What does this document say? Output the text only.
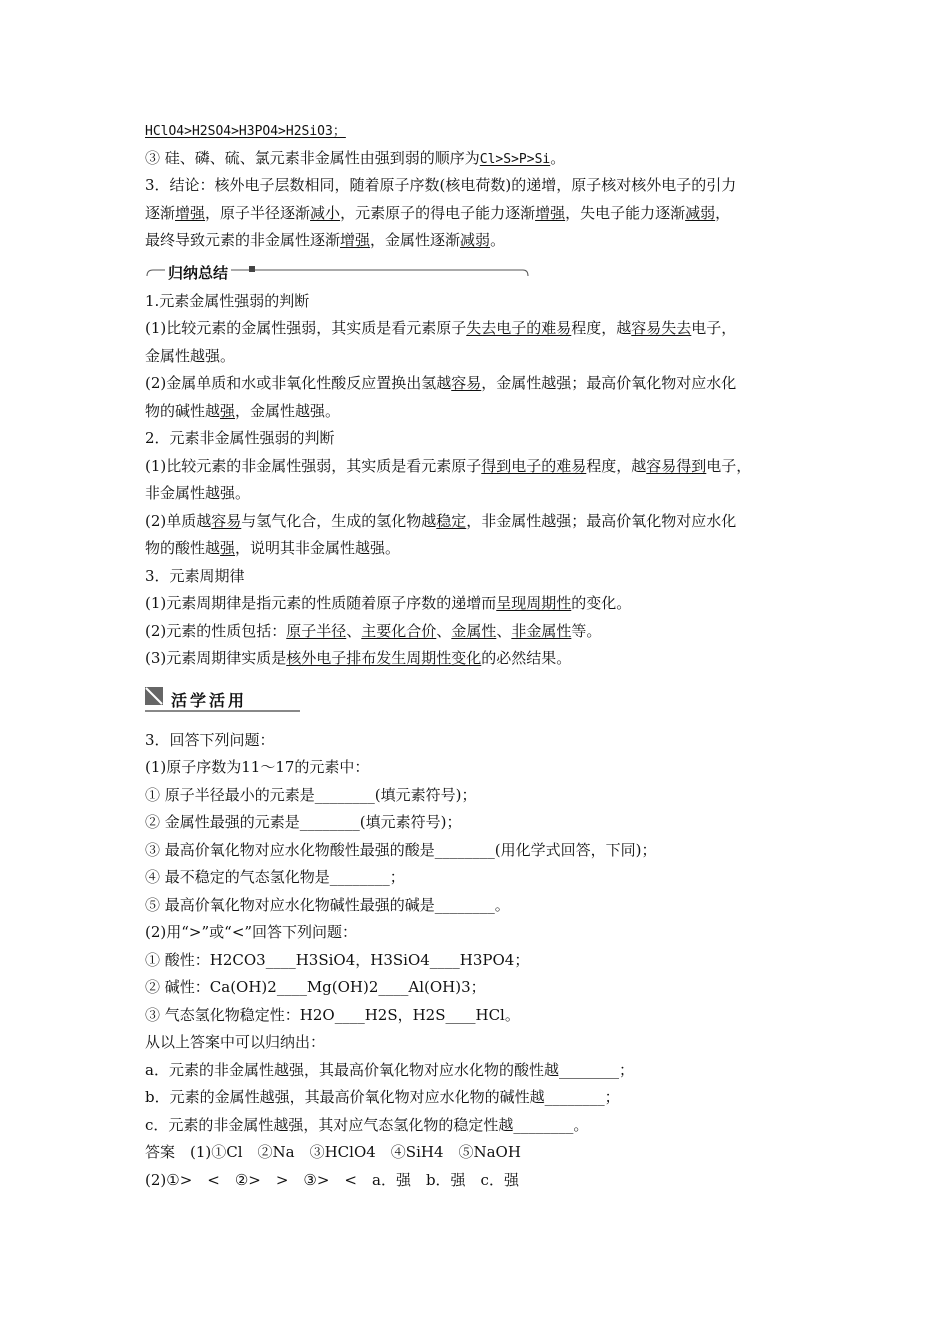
HClO4>H2SO4>H3PO4>H2SiO3；
③ 硅、磷、硫、氯元素非金属性由强到弱的顺序为Cl>S>P>Si。
3．结论：核外电子层数相同，随着原子序数(核电荷数)的递增，原子核对核外电子的引力
逐渐增强，原子半径逐渐减小，元素原子的得电子能力逐渐增强，失电子能力逐渐减弱，
最终导致元素的非金属性逐渐增强，金属性逐渐减弱。
归纳总结
1.元素金属性强弱的判断
(1)比较元素的金属性强弱，其实质是看元素原子失去电子的难易程度，越容易失去电子，
金属性越强。
(2)金属单质和水或非氧化性酸反应置换出氢越容易，金属性越强；最高价氧化物对应水化
物的碱性越强，金属性越强。
2．元素非金属性强弱的判断
(1)比较元素的非金属性强弱，其实质是看元素原子得到电子的难易程度，越容易得到电子，
非金属性越强。
(2)单质越容易与氢气化合，生成的氢化物越稳定，非金属性越强；最高价氧化物对应水化
物的酸性越强，说明其非金属性越强。
3．元素周期律
(1)元素周期律是指元素的性质随着原子序数的递增而呈现周期性的变化。
(2)元素的性质包括：原子半径、主要化合价、金属性、非金属性等。
(3)元素周期律实质是核外电子排布发生周期性变化的必然结果。
活学活用
3．回答下列问题：
(1)原子序数为11～17的元素中：
① 原子半径最小的元素是________(填元素符号)；
② 金属性最强的元素是________(填元素符号)；
③ 最高价氧化物对应水化物酸性最强的酸是________(用化学式回答，下同)；
④ 最不稳定的气态氢化物是________；
⑤ 最高价氧化物对应水化物碱性最强的碱是________。
(2)用“>”或“<”回答下列问题：
① 酸性：H2CO3____H3SiO4，H3SiO4____H3PO4；
② 碱性：Ca(OH)2____Mg(OH)2____Al(OH)3；
③ 气态氢化物稳定性：H2O____H2S，H2S____HCl。
从以上答案中可以归纳出：
a．元素的非金属性越强，其最高价氧化物对应水化物的酸性越________；
b．元素的金属性越强，其最高价氧化物对应水化物的碱性越________；
c．元素的非金属性越强，其对应气态氢化物的稳定性越________。
答案　(1)①Cl　②Na　③HClO4　④SiH4　⑤NaOH
(2)①>　<　②>　>　③>　<　a．强　b．强　c．强
